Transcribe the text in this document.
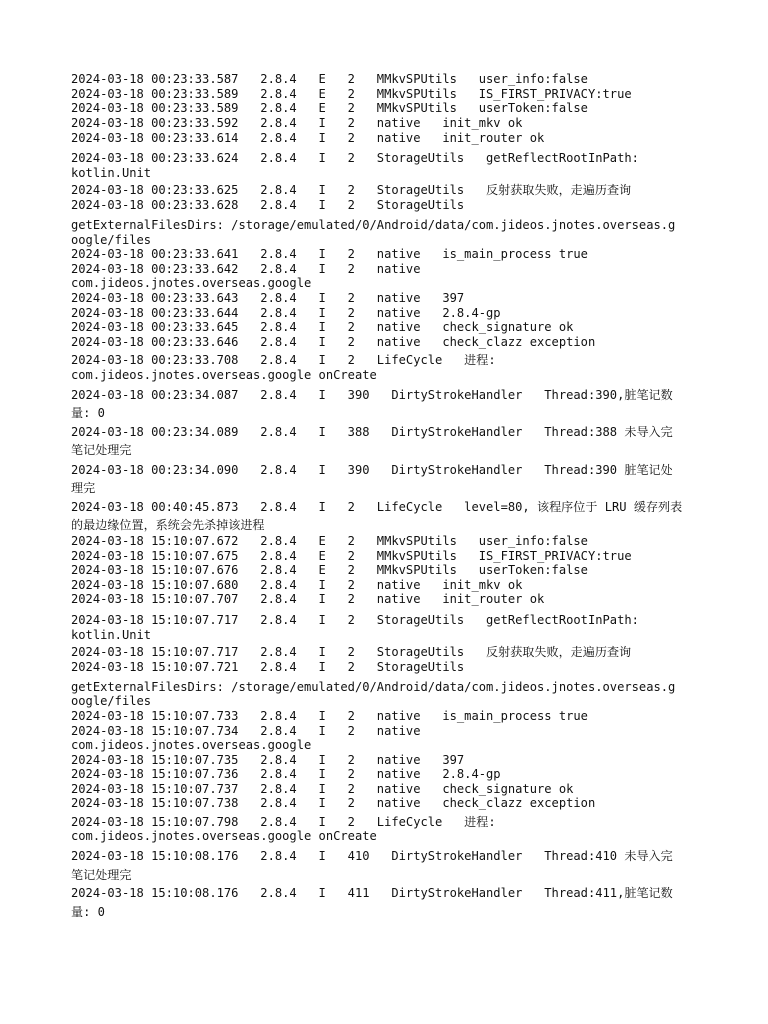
2024-03-18 00:23:33.587   2.8.4   E   2   MMkvSPUtils   user_info:false

2024-03-18 00:23:33.589   2.8.4   E   2   MMkvSPUtils   IS_FIRST_PRIVACY:true

2024-03-18 00:23:33.589   2.8.4   E   2   MMkvSPUtils   userToken:false

2024-03-18 00:23:33.592   2.8.4   I   2   native   init_mkv ok

2024-03-18 00:23:33.614   2.8.4   I   2   native   init_router ok

2024-03-18 00:23:33.624   2.8.4   I   2   StorageUtils   getReflectRootInPath:

kotlin.Unit

2024-03-18 00:23:33.625   2.8.4   I   2   StorageUtils   反射获取失败，走遍历查询

2024-03-18 00:23:33.628   2.8.4   I   2   StorageUtils

getExternalFilesDirs: /storage/emulated/0/Android/data/com.jideos.jnotes.overseas.g

oogle/files

2024-03-18 00:23:33.641   2.8.4   I   2   native   is_main_process true

2024-03-18 00:23:33.642   2.8.4   I   2   native

com.jideos.jnotes.overseas.google

2024-03-18 00:23:33.643   2.8.4   I   2   native   397

2024-03-18 00:23:33.644   2.8.4   I   2   native   2.8.4-gp

2024-03-18 00:23:33.645   2.8.4   I   2   native   check_signature ok

2024-03-18 00:23:33.646   2.8.4   I   2   native   check_clazz exception

2024-03-18 00:23:33.708   2.8.4   I   2   LifeCycle   进程:

com.jideos.jnotes.overseas.google onCreate

2024-03-18 00:23:34.087   2.8.4   I   390   DirtyStrokeHandler   Thread:390,脏笔记数

量: 0

2024-03-18 00:23:34.089   2.8.4   I   388   DirtyStrokeHandler   Thread:388 未导入完

笔记处理完

2024-03-18 00:23:34.090   2.8.4   I   390   DirtyStrokeHandler   Thread:390 脏笔记处

理完

2024-03-18 00:40:45.873   2.8.4   I   2   LifeCycle   level=80, 该程序位于 LRU 缓存列表

的最边缘位置，系统会先杀掉该进程

2024-03-18 15:10:07.672   2.8.4   E   2   MMkvSPUtils   user_info:false

2024-03-18 15:10:07.675   2.8.4   E   2   MMkvSPUtils   IS_FIRST_PRIVACY:true

2024-03-18 15:10:07.676   2.8.4   E   2   MMkvSPUtils   userToken:false

2024-03-18 15:10:07.680   2.8.4   I   2   native   init_mkv ok

2024-03-18 15:10:07.707   2.8.4   I   2   native   init_router ok

2024-03-18 15:10:07.717   2.8.4   I   2   StorageUtils   getReflectRootInPath:

kotlin.Unit

2024-03-18 15:10:07.717   2.8.4   I   2   StorageUtils   反射获取失败，走遍历查询

2024-03-18 15:10:07.721   2.8.4   I   2   StorageUtils

getExternalFilesDirs: /storage/emulated/0/Android/data/com.jideos.jnotes.overseas.g

oogle/files

2024-03-18 15:10:07.733   2.8.4   I   2   native   is_main_process true

2024-03-18 15:10:07.734   2.8.4   I   2   native

com.jideos.jnotes.overseas.google

2024-03-18 15:10:07.735   2.8.4   I   2   native   397

2024-03-18 15:10:07.736   2.8.4   I   2   native   2.8.4-gp

2024-03-18 15:10:07.737   2.8.4   I   2   native   check_signature ok

2024-03-18 15:10:07.738   2.8.4   I   2   native   check_clazz exception

2024-03-18 15:10:07.798   2.8.4   I   2   LifeCycle   进程:

com.jideos.jnotes.overseas.google onCreate

2024-03-18 15:10:08.176   2.8.4   I   410   DirtyStrokeHandler   Thread:410 未导入完

笔记处理完

2024-03-18 15:10:08.176   2.8.4   I   411   DirtyStrokeHandler   Thread:411,脏笔记数

量: 0
